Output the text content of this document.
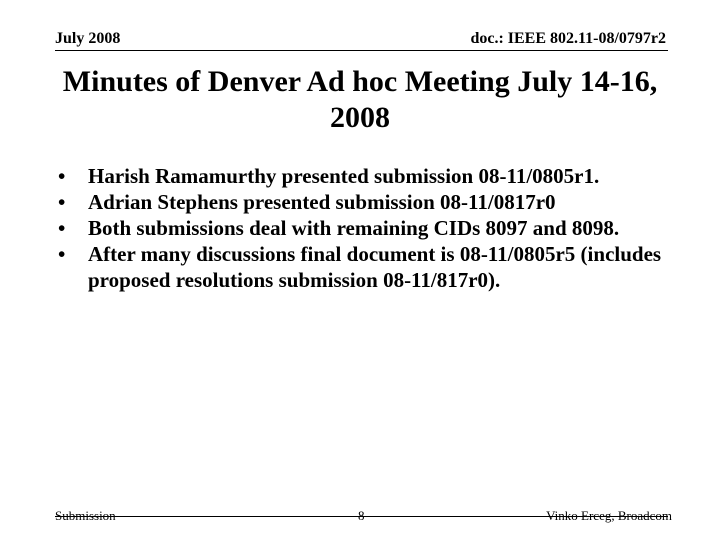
July 2008	doc.: IEEE 802.11-08/0797r2
Minutes of Denver Ad hoc Meeting July 14-16, 2008
• Harish Ramamurthy presented submission 08-11/0805r1.
• Adrian Stephens presented submission 08-11/0817r0
• Both submissions deal with remaining CIDs 8097 and 8098.
• After many discussions final document is 08-11/0805r5 (includes proposed resolutions submission 08-11/817r0).
Submission	8	Vinko Erceg, Broadcom
